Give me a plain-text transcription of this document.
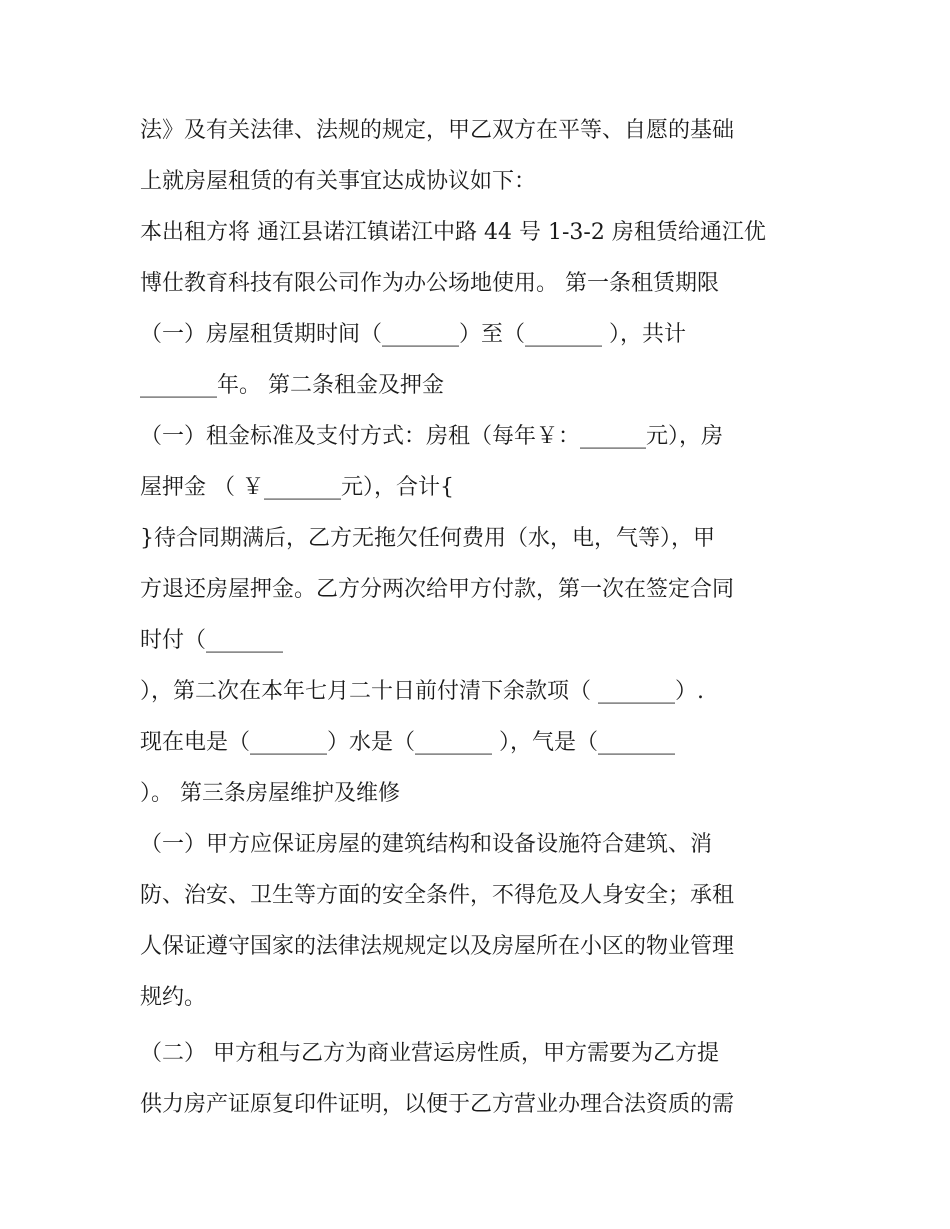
法》及有关法律、法规的规定，甲乙双方在平等、自愿的基础
上就房屋租赁的有关事宜达成协议如下：
本出租方将 通江县诺江镇诺江中路 44 号 1-3-2 房租赁给通江优
博仕教育科技有限公司作为办公场地使用。 第一条租赁期限
（一）房屋租赁期时间（_______）至（_______ ），共计
_______年。 第二条租金及押金
（一）租金标准及支付方式：房租（每年￥：______元），房
屋押金 （ ￥_______元），合计{
}待合同期满后，乙方无拖欠任何费用（水，电，气等），甲
方退还房屋押金。乙方分两次给甲方付款，第一次在签定合同
时付（_______
），第二次在本年七月二十日前付清下余款项（ _______）.
现在电是（_______）水是（_______ ），气是（_______
）。 第三条房屋维护及维修
（一）甲方应保证房屋的建筑结构和设备设施符合建筑、消
防、治安、卫生等方面的安全条件，不得危及人身安全；承租
人保证遵守国家的法律法规规定以及房屋所在小区的物业管理
规约。
（二） 甲方租与乙方为商业营运房性质，甲方需要为乙方提
供力房产证原复印件证明，以便于乙方营业办理合法资质的需
